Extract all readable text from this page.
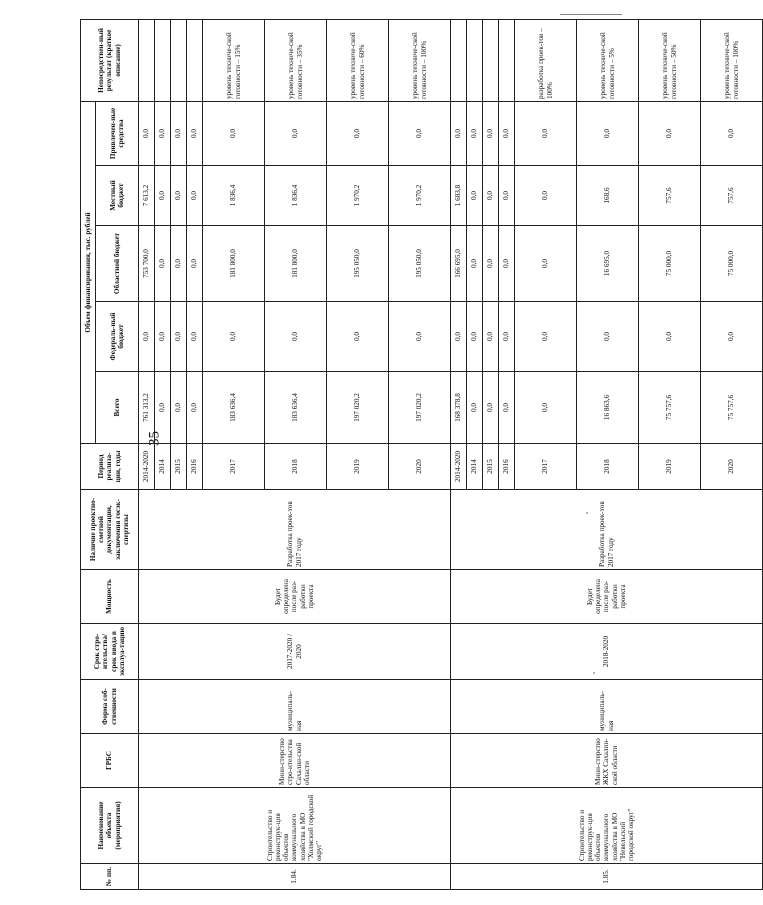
35
№ пп.	Наименование объекта (мероприятия)	ГРБС	Форма соб-ственности	Срок стро-ительства/ срок ввода в эксплуа-тацию	Мощность	Наличие проектно-сметной документации, заключения госэк-спертизы	Период реализа-ции, годы	Объем финансирования, тыс. рублей					Непосредствен-ный результат (краткое описание)
								Всего	Федераль-ный бюджет	Областной бюджет	Местный бюджет	Привлечен-ные средства	
1.84.	Строительство и реконструк-ция объектов коммунального хозяйства в МО "Холмский городской округ"	Мини-стерство стро-ительства Сахалин-ской области	муниципаль-ная	2017-2020 / 2020	Будет определена после раз-работки проекта	Разработка проек-тов 2017 году	2014-2020	761 313,2	0,0	753 700,0	7 613,2	0,0	
							2014	0,0	0,0	0,0	0,0	0,0	
							2015	0,0	0,0	0,0	0,0	0,0	
							2016	0,0	0,0	0,0	0,0	0,0	
							2017	183 636,4	0,0	181 800,0	1 836,4	0,0	уровень техниче-ской готовности – 15%
							2018	183 636,4	0,0	181 800,0	1 836,4	0,0	уровень техниче-ской готовности – 35%
							2019	197 020,2	0,0	195 050,0	1 970,2	0,0	уровень техниче-ской готовности – 60%
							2020	197 020,2	0,0	195 050,0	1 970,2	0,0	уровень техниче-ской готовности – 100%
1.85.	Строительство и реконструк-ция объектов коммунального хозяйства в МО "Невельский городской округ"	Мини-стерство ЖКХ Сахалин-ской области	муниципаль-ная	2018-2020	Будет определена после раз-работки проекта	Разработка проек-тов 2017 году	2014-2020	168 378,8	0,0	166 695,0	1 683,8	0,0	
							2014	0,0	0,0	0,0	0,0	0,0	
							2015	0,0	0,0	0,0	0,0	0,0	
							2016	0,0	0,0	0,0	0,0	0,0	
							2017	0,0	0,0	0,0	0,0	0,0	разработка проек-тов – 100%
							2018	16 863,6	0,0	16 695,0	168,6	0,0	уровень техниче-ской готовности – 5%
							2019	75 757,6	0,0	75 000,0	757,6	0,0	уровень техниче-ской готовности – 50%
							2020	75 757,6	0,0	75 000,0	757,6	0,0	уровень техниче-ской готовности – 100%
